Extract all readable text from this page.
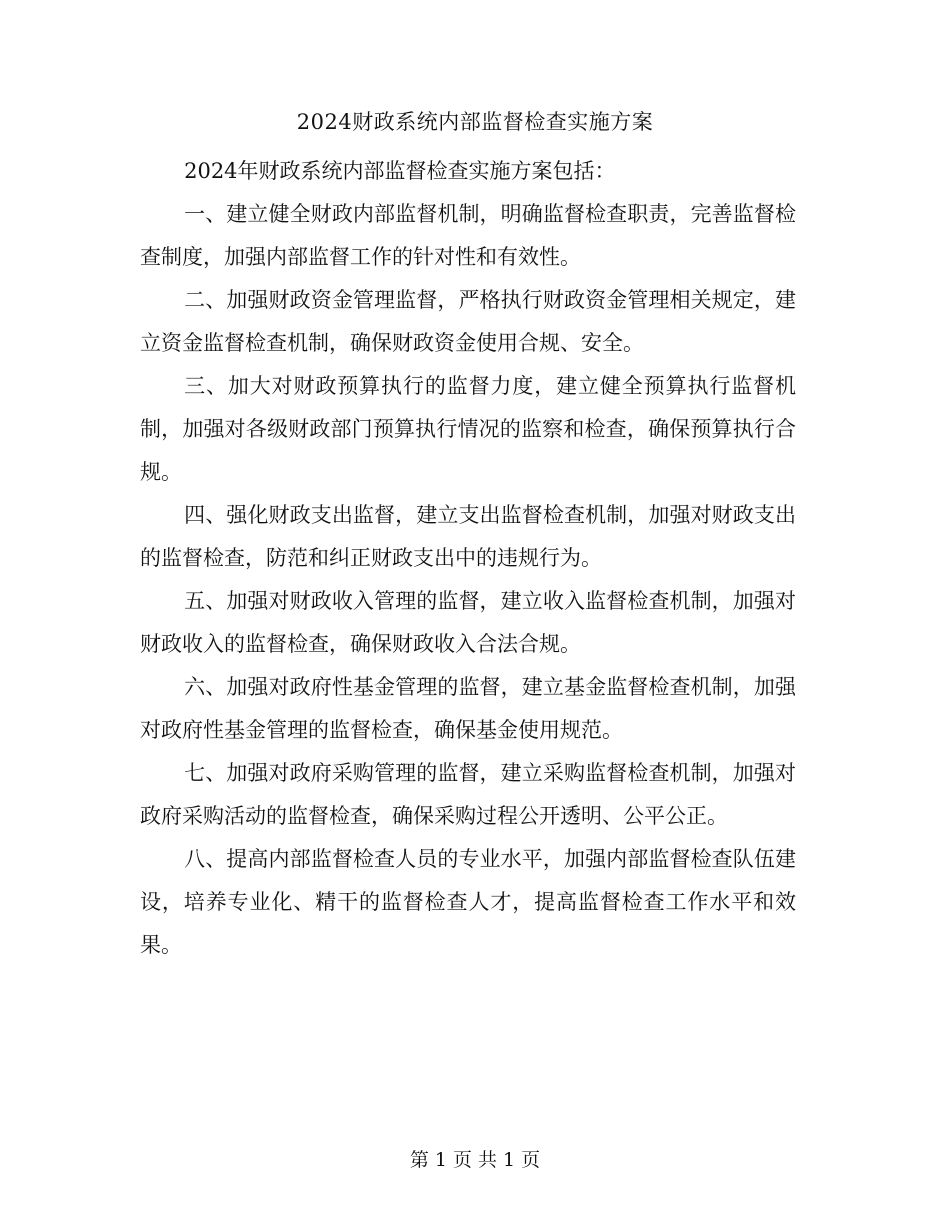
2024财政系统内部监督检查实施方案

2024年财政系统内部监督检查实施方案包括：

一、建立健全财政内部监督机制，明确监督检查职责，完善监督检查制度，加强内部监督工作的针对性和有效性。

二、加强财政资金管理监督，严格执行财政资金管理相关规定，建立资金监督检查机制，确保财政资金使用合规、安全。

三、加大对财政预算执行的监督力度，建立健全预算执行监督机制，加强对各级财政部门预算执行情况的监察和检查，确保预算执行合规。

四、强化财政支出监督，建立支出监督检查机制，加强对财政支出的监督检查，防范和纠正财政支出中的违规行为。

五、加强对财政收入管理的监督，建立收入监督检查机制，加强对财政收入的监督检查，确保财政收入合法合规。

六、加强对政府性基金管理的监督，建立基金监督检查机制，加强对政府性基金管理的监督检查，确保基金使用规范。

七、加强对政府采购管理的监督，建立采购监督检查机制，加强对政府采购活动的监督检查，确保采购过程公开透明、公平公正。

八、提高内部监督检查人员的专业水平，加强内部监督检查队伍建设，培养专业化、精干的监督检查人才，提高监督检查工作水平和效果。

第 1 页 共 1 页
